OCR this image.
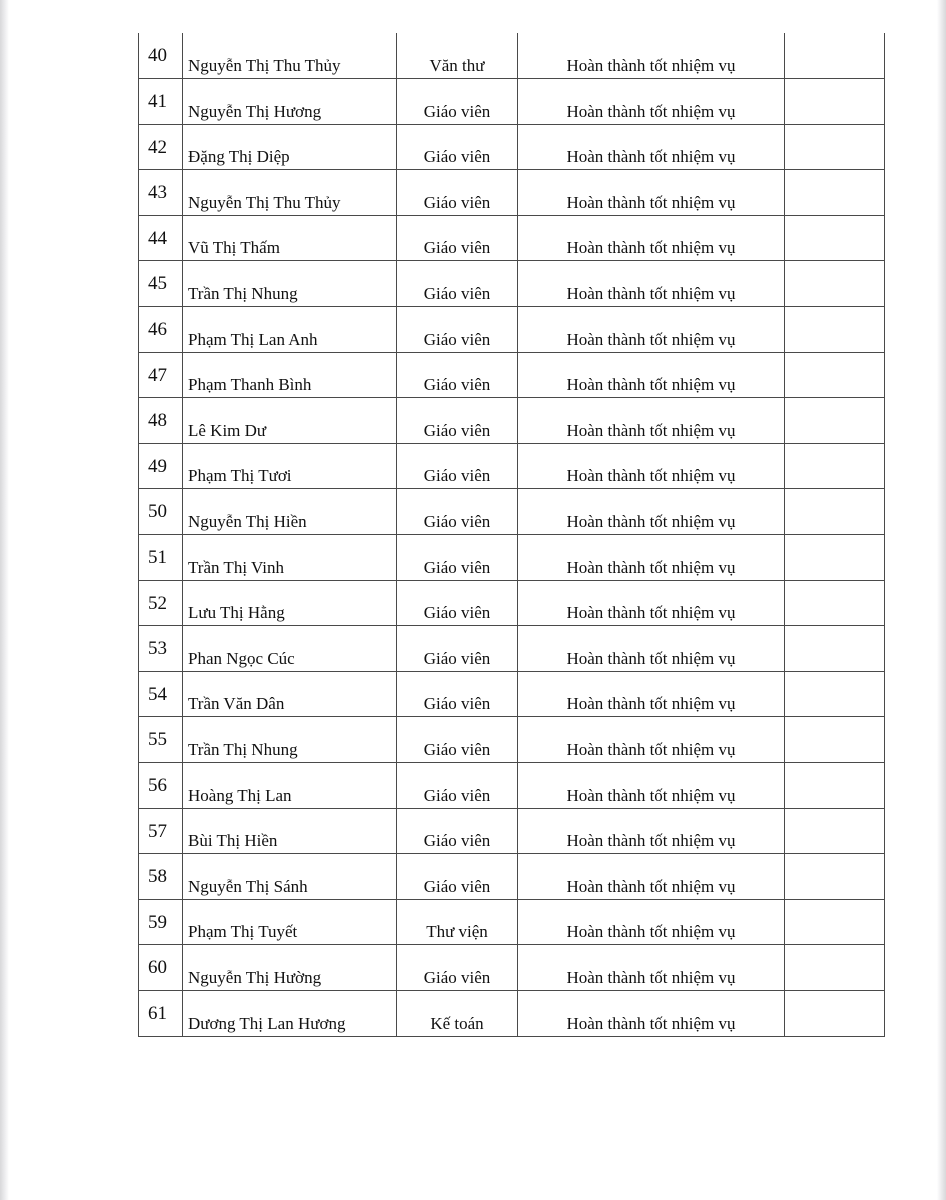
40	Nguyễn Thị Thu Thủy	Văn thư	Hoàn thành tốt nhiệm vụ	

41	Nguyễn Thị Hương	Giáo viên	Hoàn thành tốt nhiệm vụ	

42	Đặng Thị Diệp	Giáo viên	Hoàn thành tốt nhiệm vụ	

43	Nguyễn Thị Thu Thủy	Giáo viên	Hoàn thành tốt nhiệm vụ	

44	Vũ Thị Thấm	Giáo viên	Hoàn thành tốt nhiệm vụ	

45	Trần Thị Nhung	Giáo viên	Hoàn thành tốt nhiệm vụ	

46	Phạm Thị Lan Anh	Giáo viên	Hoàn thành tốt nhiệm vụ	

47	Phạm Thanh Bình	Giáo viên	Hoàn thành tốt nhiệm vụ	

48	Lê Kim Dư	Giáo viên	Hoàn thành tốt nhiệm vụ	

49	Phạm Thị Tươi	Giáo viên	Hoàn thành tốt nhiệm vụ	

50	Nguyễn Thị Hiền	Giáo viên	Hoàn thành tốt nhiệm vụ	

51	Trần Thị Vinh	Giáo viên	Hoàn thành tốt nhiệm vụ	

52	Lưu Thị Hằng	Giáo viên	Hoàn thành tốt nhiệm vụ	

53	Phan Ngọc Cúc	Giáo viên	Hoàn thành tốt nhiệm vụ	

54	Trần Văn Dân	Giáo viên	Hoàn thành tốt nhiệm vụ	

55	Trần Thị Nhung	Giáo viên	Hoàn thành tốt nhiệm vụ	

56	Hoàng Thị Lan	Giáo viên	Hoàn thành tốt nhiệm vụ	

57	Bùi Thị Hiền	Giáo viên	Hoàn thành tốt nhiệm vụ	

58	Nguyễn Thị Sánh	Giáo viên	Hoàn thành tốt nhiệm vụ	

59	Phạm Thị Tuyết	Thư viện	Hoàn thành tốt nhiệm vụ	

60	Nguyễn Thị Hường	Giáo viên	Hoàn thành tốt nhiệm vụ	

61	Dương Thị Lan Hương	Kế toán	Hoàn thành tốt nhiệm vụ	
